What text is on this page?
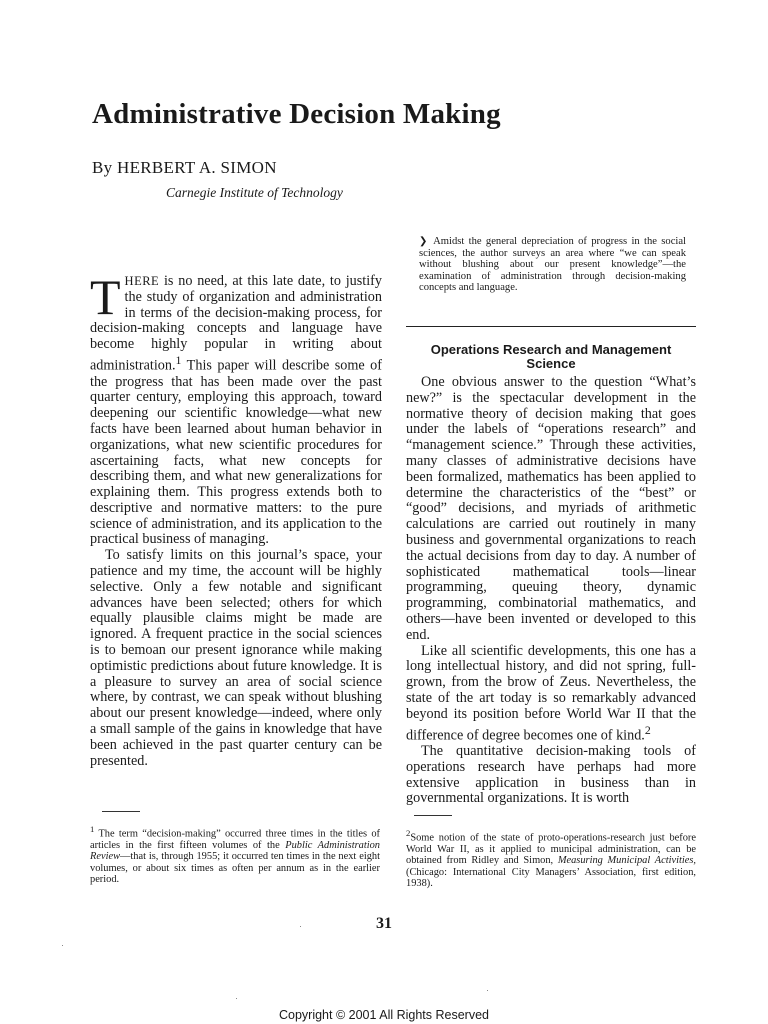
Administrative Decision Making
By HERBERT A. SIMON
Carnegie Institute of Technology
❯ Amidst the general depreciation of progress in the social sciences, the author surveys an area where “we can speak without blushing about our present knowledge”—the examination of administration through decision-making concepts and language.

THERE is no need, at this late date, to justify the study of organization and administration in terms of the decision-making process, for decision-making concepts and language have become highly popular in writing about administration.$^1$ This paper will describe some of the progress that has been made over the past quarter century, employing this approach, toward deepening our scientific knowledge—what new facts have been learned about human behavior in organizations, what new scientific procedures for ascertaining facts, what new concepts for describing them, and what new generalizations for explaining them. This progress extends both to descriptive and normative matters: to the pure science of administration, and its application to the practical business of managing.

To satisfy limits on this journal’s space, your patience and my time, the account will be highly selective. Only a few notable and significant advances have been selected; others for which equally plausible claims might be made are ignored. A frequent practice in the social sciences is to bemoan our present ignorance while making optimistic predictions about future knowledge. It is a pleasure to survey an area of social science where, by contrast, we can speak without blushing about our present knowledge—indeed, where only a small sample of the gains in knowledge that have been achieved in the past quarter century can be presented.

Operations Research and Management Science

One obvious answer to the question “What’s new?” is the spectacular development in the normative theory of decision making that goes under the labels of “operations research” and “management science.” Through these activities, many classes of administrative decisions have been formalized, mathematics has been applied to determine the characteristics of the “best” or “good” decisions, and myriads of arithmetic calculations are carried out routinely in many business and governmental organizations to reach the actual decisions from day to day. A number of sophisticated mathematical tools—linear programming, queuing theory, dynamic programming, combinatorial mathematics, and others—have been invented or developed to this end.

Like all scientific developments, this one has a long intellectual history, and did not spring, full-grown, from the brow of Zeus. Nevertheless, the state of the art today is so remarkably advanced beyond its position before World War II that the difference of degree becomes one of kind.$^2$

The quantitative decision-making tools of operations research have perhaps had more extensive application in business than in governmental organizations. It is worth

$^1$ The term “decision-making” occurred three times in the titles of articles in the first fifteen volumes of the Public Administration Review—that is, through 1955; it occurred ten times in the next eight volumes, or about six times as often per annum as in the earlier period.
$^2$Some notion of the state of proto-operations-research just before World War II, as it applied to municipal administration, can be obtained from Ridley and Simon, Measuring Municipal Activities, (Chicago: International City Managers’ Association, first edition, 1938).
31
Copyright © 2001 All Rights Reserved
